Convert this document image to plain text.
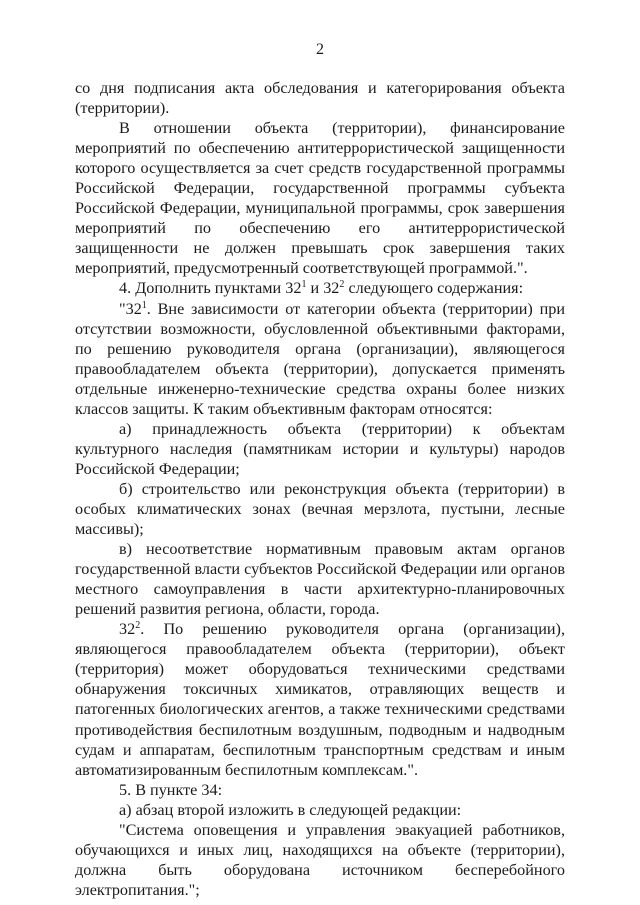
2

со дня подписания акта обследования и категорирования объекта (территории).

В отношении объекта (территории), финансирование мероприятий по обеспечению антитеррористической защищенности которого осуществляется за счет средств государственной программы Российской Федерации, государственной программы субъекта Российской Федерации, муниципальной программы, срок завершения мероприятий по обеспечению его антитеррористической защищенности не должен превышать срок завершения таких мероприятий, предусмотренный соответствующей программой.".

4. Дополнить пунктами $32^1$ и $32^2$ следующего содержания:

"$32^1$. Вне зависимости от категории объекта (территории) при отсутствии возможности, обусловленной объективными факторами, по решению руководителя органа (организации), являющегося правообладателем объекта (территории), допускается применять отдельные инженерно-технические средства охраны более низких классов защиты. К таким объективным факторам относятся:

а) принадлежность объекта (территории) к объектам культурного наследия (памятникам истории и культуры) народов Российской Федерации;

б) строительство или реконструкция объекта (территории) в особых климатических зонах (вечная мерзлота, пустыни, лесные массивы);

в) несоответствие нормативным правовым актам органов государственной власти субъектов Российской Федерации или органов местного самоуправления в части архитектурно-планировочных решений развития региона, области, города.

$32^2$. По решению руководителя органа (организации), являющегося правообладателем объекта (территории), объект (территория) может оборудоваться техническими средствами обнаружения токсичных химикатов, отравляющих веществ и патогенных биологических агентов, а также техническими средствами противодействия беспилотным воздушным, подводным и надводным судам и аппаратам, беспилотным транспортным средствам и иным автоматизированным беспилотным комплексам.".

5. В пункте 34:

а) абзац второй изложить в следующей редакции:

"Система оповещения и управления эвакуацией работников, обучающихся и иных лиц, находящихся на объекте (территории), должна быть оборудована источником бесперебойного электропитания.";
